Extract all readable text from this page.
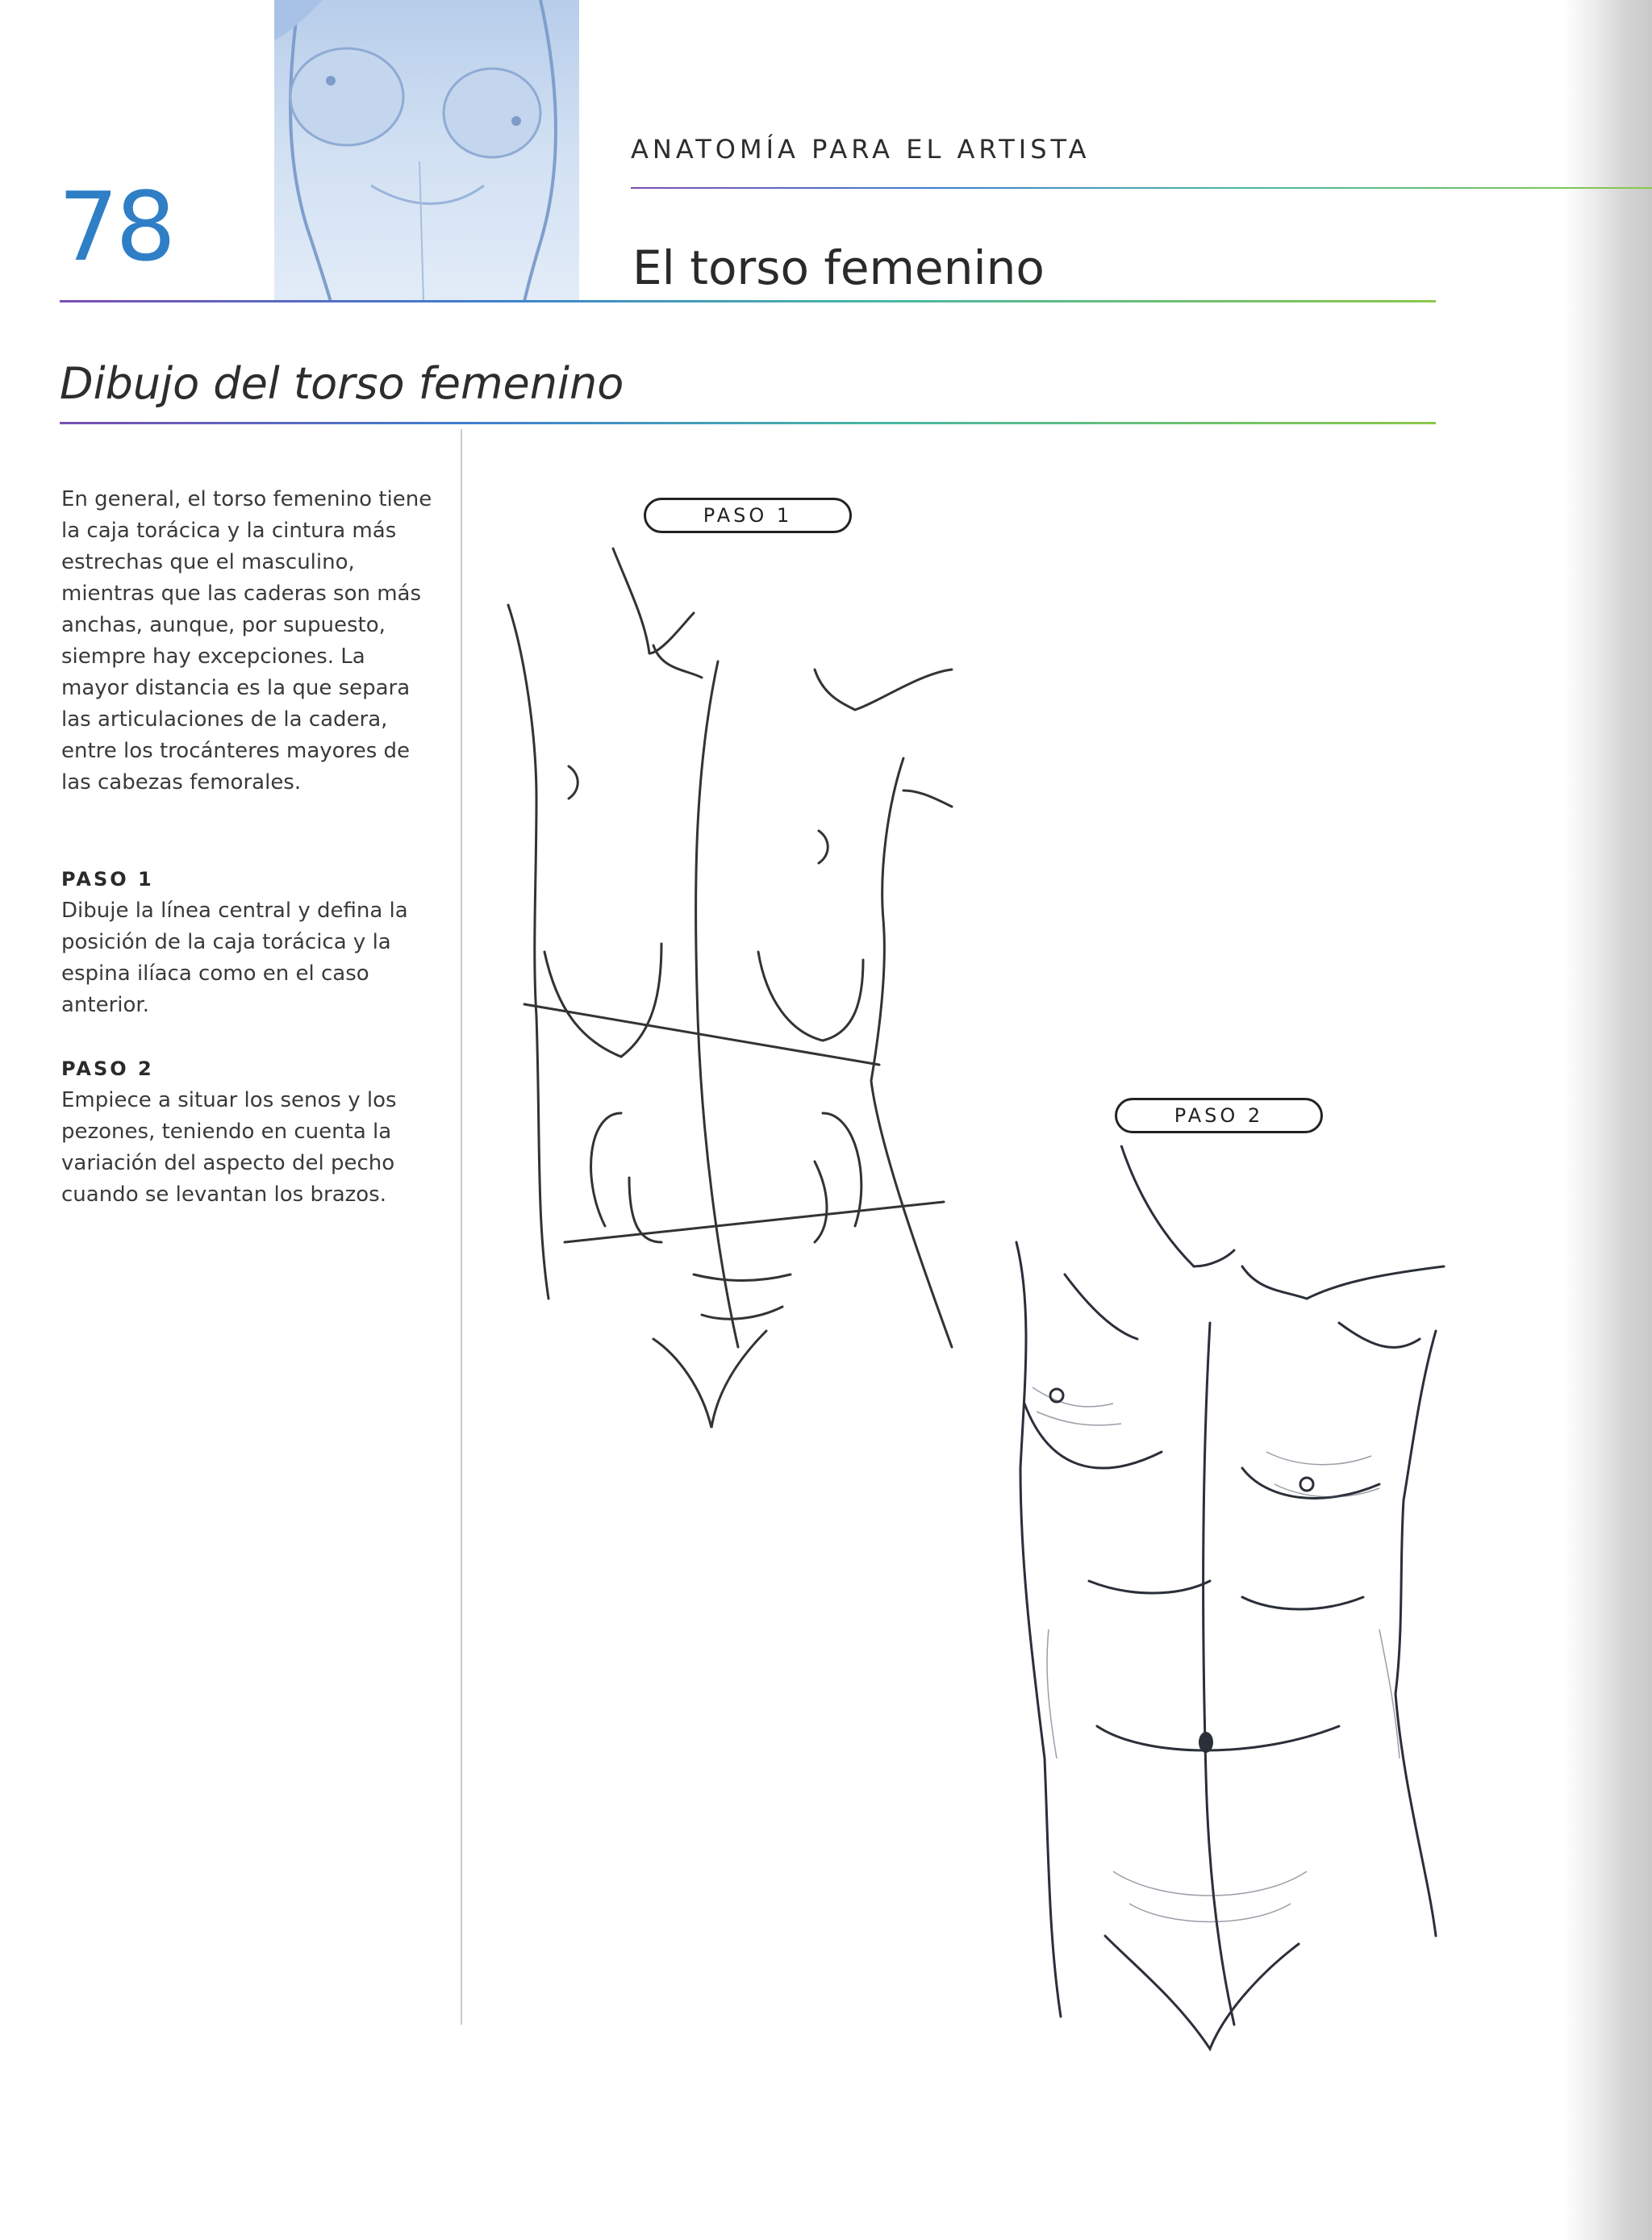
78
ANATOMÍA PARA EL ARTISTA
El torso femenino
Dibujo del torso femenino
En general, el torso femenino tiene la caja torácica y la cintura más estrechas que el masculino, mientras que las caderas son más anchas, aunque, por supuesto, siempre hay excepciones. La mayor distancia es la que separa las articulaciones de la cadera, entre los trocánteres mayores de las cabezas femorales.
PASO 1
Dibuje la línea central y defina la posición de la caja torácica y la espina ilíaca como en el caso anterior.
PASO 2
Empiece a situar los senos y los pezones, teniendo en cuenta la variación del aspecto del pecho cuando se levantan los brazos.
PASO 1
PASO 2
